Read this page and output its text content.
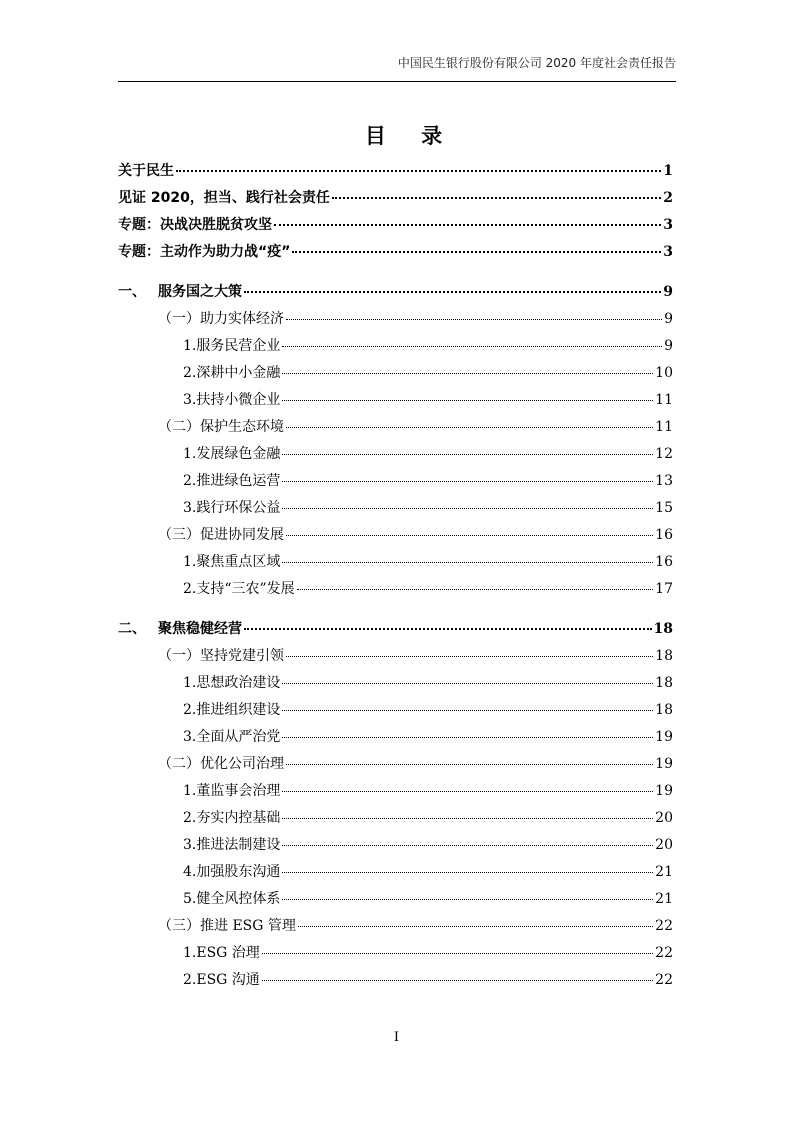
中国民生银行股份有限公司 2020 年度社会责任报告
目 录
关于民生	1
见证 2020，担当、践行社会责任	2
专题：决战决胜脱贫攻坚	3
专题：主动作为助力战“疫”	3
一、 服务国之大策	9
（一）助力实体经济	9
1.服务民营企业	9
2.深耕中小金融	10
3.扶持小微企业	11
（二）保护生态环境	11
1.发展绿色金融	12
2.推进绿色运营	13
3.践行环保公益	15
（三）促进协同发展	16
1.聚焦重点区域	16
2.支持“三农”发展	17
二、 聚焦稳健经营	18
（一）坚持党建引领	18
1.思想政治建设	18
2.推进组织建设	18
3.全面从严治党	19
（二）优化公司治理	19
1.董监事会治理	19
2.夯实内控基础	20
3.推进法制建设	20
4.加强股东沟通	21
5.健全风控体系	21
（三）推进 ESG 管理	22
1.ESG 治理	22
2.ESG 沟通	22
I
